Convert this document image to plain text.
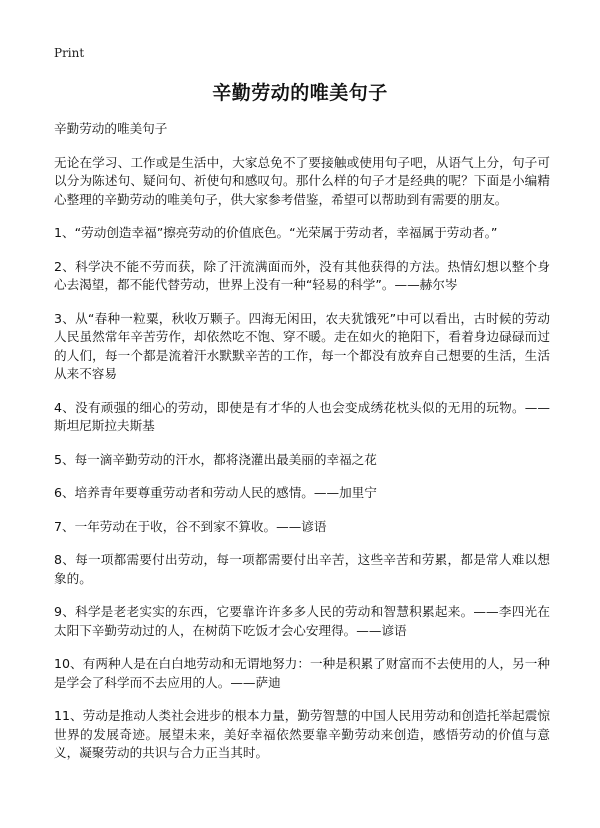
Print
辛勤劳动的唯美句子

辛勤劳动的唯美句子

无论在学习、工作或是生活中，大家总免不了要接触或使用句子吧，从语气上分，句子可以分为陈述句、疑问句、祈使句和感叹句。那什么样的句子才是经典的呢？下面是小编精心整理的辛勤劳动的唯美句子，供大家参考借鉴，希望可以帮助到有需要的朋友。

1、“劳动创造幸福”擦亮劳动的价值底色。“光荣属于劳动者，幸福属于劳动者。”

2、科学决不能不劳而获，除了汗流满面而外，没有其他获得的方法。热情幻想以整个身心去渴望，都不能代替劳动，世界上没有一种“轻易的科学”。——赫尔岑

3、从“春种一粒粟，秋收万颗子。四海无闲田，农夫犹饿死”中可以看出，古时候的劳动人民虽然常年辛苦劳作，却依然吃不饱、穿不暖。走在如火的艳阳下，看着身边碌碌而过的人们，每一个都是流着汗水默默辛苦的工作，每一个都没有放弃自己想要的生活，生活从来不容易

4、没有顽强的细心的劳动，即使是有才华的人也会变成绣花枕头似的无用的玩物。——斯坦尼斯拉夫斯基

5、每一滴辛勤劳动的汗水，都将浇灌出最美丽的幸福之花

6、培养青年要尊重劳动者和劳动人民的感情。——加里宁

7、一年劳动在于收，谷不到家不算收。——谚语

8、每一项都需要付出劳动，每一项都需要付出辛苦，这些辛苦和劳累，都是常人难以想象的。

9、科学是老老实实的东西，它要靠许许多多人民的劳动和智慧积累起来。——李四光在太阳下辛勤劳动过的人，在树荫下吃饭才会心安理得。——谚语

10、有两种人是在白白地劳动和无谓地努力：一种是积累了财富而不去使用的人，另一种是学会了科学而不去应用的人。——萨迪

11、劳动是推动人类社会进步的根本力量，勤劳智慧的中国人民用劳动和创造托举起震惊世界的发展奇迹。展望未来，美好幸福依然要靠辛勤劳动来创造，感悟劳动的价值与意义，凝聚劳动的共识与合力正当其时。
